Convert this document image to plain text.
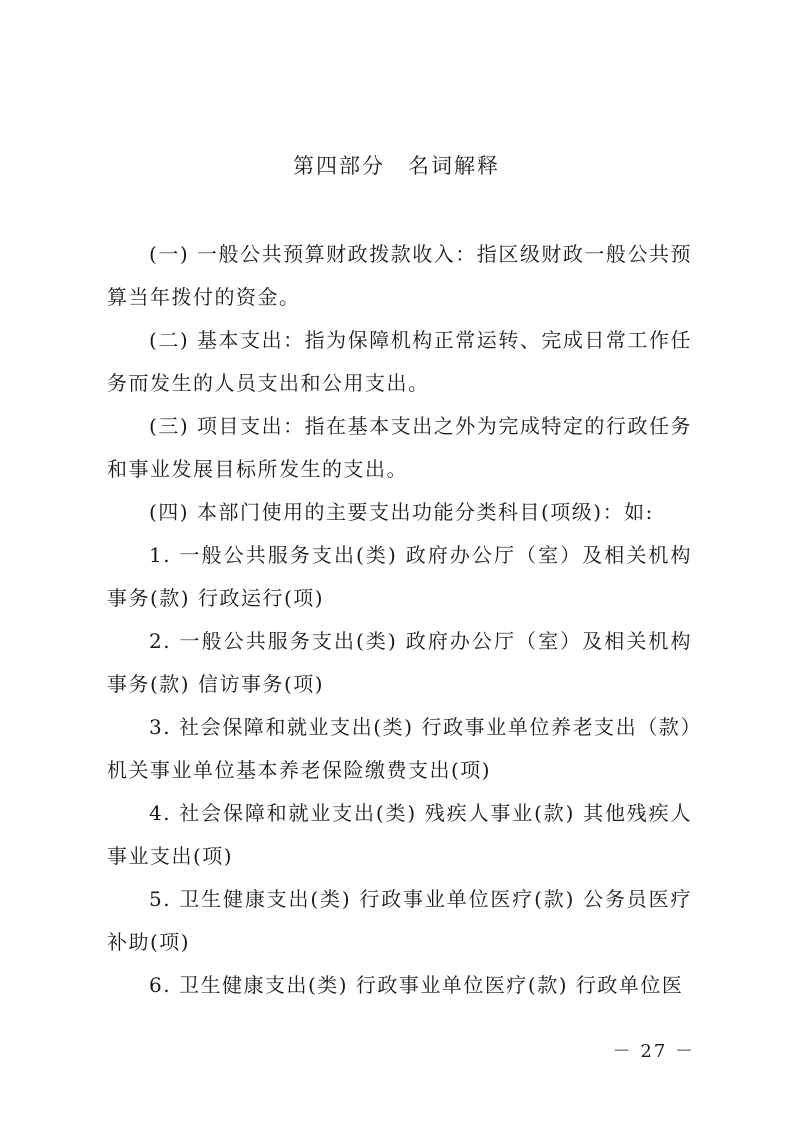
第四部分　名词解释

(一) 一般公共预算财政拨款收入：指区级财政一般公共预算当年拨付的资金。

(二) 基本支出：指为保障机构正常运转、完成日常工作任务而发生的人员支出和公用支出。

(三) 项目支出：指在基本支出之外为完成特定的行政任务和事业发展目标所发生的支出。

(四) 本部门使用的主要支出功能分类科目(项级)：如:

1. 一般公共服务支出(类) 政府办公厅（室）及相关机构事务(款) 行政运行(项)

2. 一般公共服务支出(类) 政府办公厅（室）及相关机构事务(款) 信访事务(项)

3. 社会保障和就业支出(类) 行政事业单位养老支出（款）机关事业单位基本养老保险缴费支出(项)

4. 社会保障和就业支出(类) 残疾人事业(款) 其他残疾人事业支出(项)

5. 卫生健康支出(类) 行政事业单位医疗(款) 公务员医疗补助(项)

6. 卫生健康支出(类) 行政事业单位医疗(款) 行政单位医

－ 27 －
